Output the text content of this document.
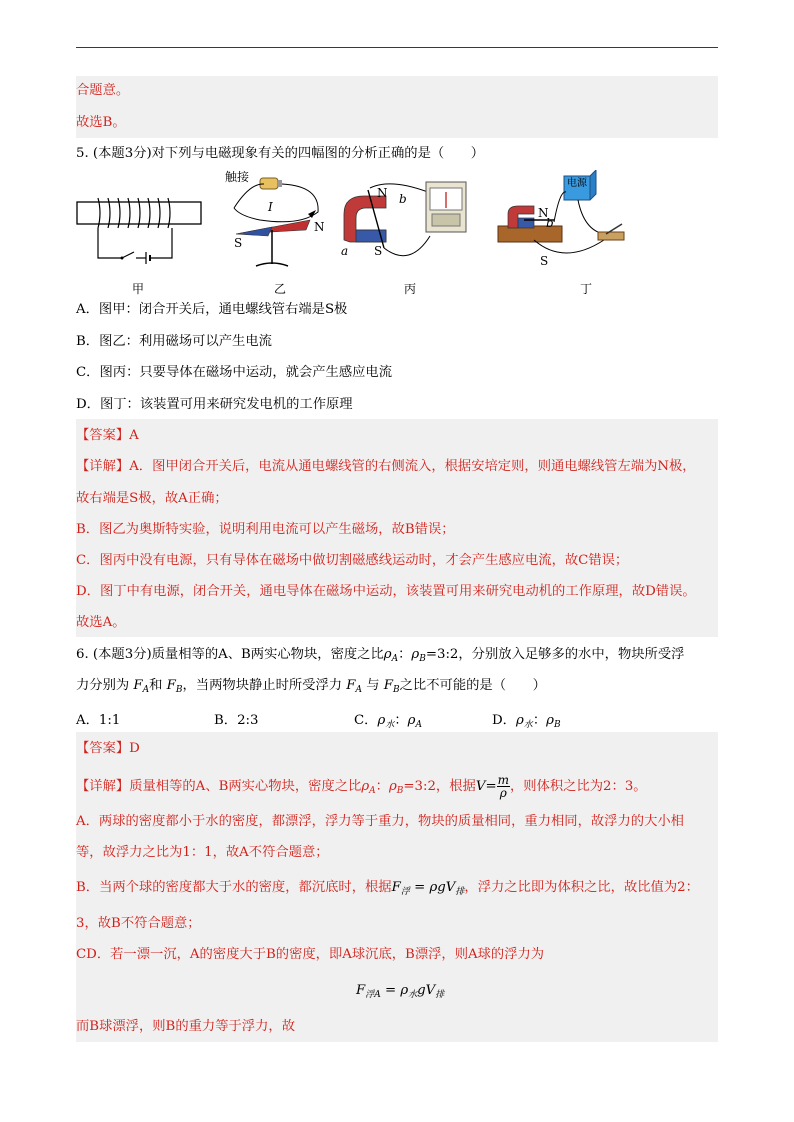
合题意。
故选B。
5. (本题3分)对下列与电磁现象有关的四幅图的分析正确的是（　　）
甲
触接
I
N
S
乙
N b
a S
丙
电源
N
b
S
丁
A．图甲：闭合开关后，通电螺线管右端是S极
B．图乙：利用磁场可以产生电流
C．图丙：只要导体在磁场中运动，就会产生感应电流
D．图丁：该装置可用来研究发电机的工作原理
【答案】A
【详解】A．图甲闭合开关后，电流从通电螺线管的右侧流入，根据安培定则，则通电螺线管左端为N极，
故右端是S极，故A正确；
B．图乙为奥斯特实验，说明利用电流可以产生磁场，故B错误；
C．图丙中没有电源，只有导体在磁场中做切割磁感线运动时，才会产生感应电流，故C错误；
D．图丁中有电源，闭合开关，通电导体在磁场中运动，该装置可用来研究电动机的工作原理，故D错误。
故选A。
6. (本题3分)质量相等的A、B两实心物块，密度之比$\rho_A$：$\rho_B=3:2$，分别放入足够多的水中，物块所受浮
力分别为 $F_A$和 $F_B$，当两物块静止时所受浮力 $F_A$ 与 $F_B$之比不可能的是（　　）
A．1:1	B．2:3	C．$\rho_水$：$\rho_A$	D．$\rho_水$：$\rho_B$
【答案】D
【详解】质量相等的A、B两实心物块，密度之比$\rho_A$：$\rho_B=3:2$，根据$V= \frac{m}{\rho}$ ，则体积之比为2：3。
A．两球的密度都小于水的密度，都漂浮，浮力等于重力，物块的质量相同，重力相同，故浮力的大小相
等，故浮力之比为1：1，故A不符合题意；
B．当两个球的密度都大于水的密度，都沉底时，根据$F_浮 = \rho gV_排$，浮力之比即为体积之比，故比值为2：
3，故B不符合题意；
CD．若一漂一沉，A的密度大于B的密度，即A球沉底，B漂浮，则A球的浮力为
$F_{浮A} = \rho_水gV_排$
而B球漂浮，则B的重力等于浮力，故
